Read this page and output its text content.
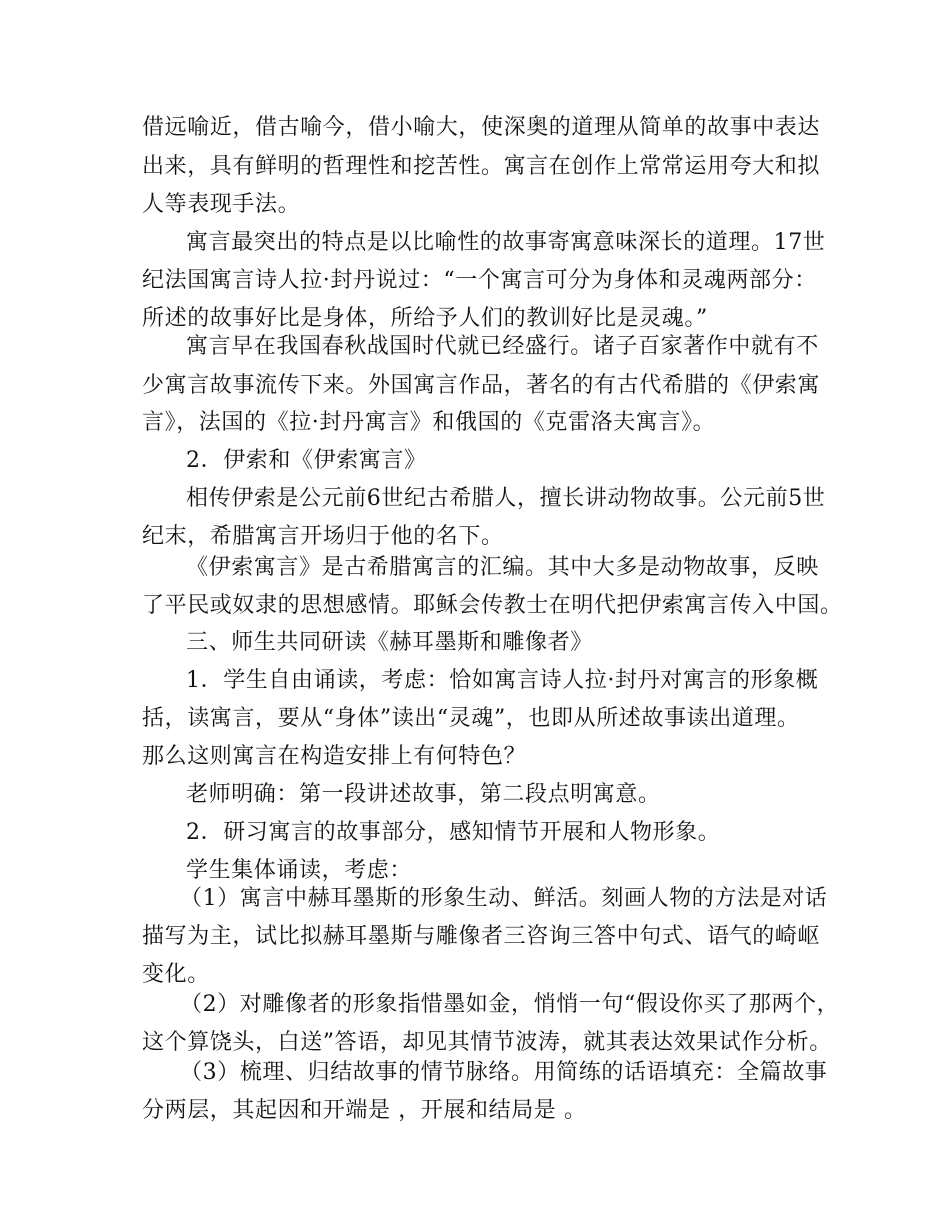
借远喻近，借古喻今，借小喻大，使深奥的道理从简单的故事中表达
出来，具有鲜明的哲理性和挖苦性。寓言在创作上常常运用夸大和拟
人等表现手法。
寓言最突出的特点是以比喻性的故事寄寓意味深长的道理。17世
纪法国寓言诗人拉·封丹说过：“一个寓言可分为身体和灵魂两部分：
所述的故事好比是身体，所给予人们的教训好比是灵魂。”
寓言早在我国春秋战国时代就已经盛行。诸子百家著作中就有不
少寓言故事流传下来。外国寓言作品，著名的有古代希腊的《伊索寓
言》，法国的《拉·封丹寓言》和俄国的《克雷洛夫寓言》。
2．伊索和《伊索寓言》
相传伊索是公元前6世纪古希腊人，擅长讲动物故事。公元前5世
纪末，希腊寓言开场归于他的名下。
《伊索寓言》是古希腊寓言的汇编。其中大多是动物故事，反映
了平民或奴隶的思想感情。耶稣会传教士在明代把伊索寓言传入中国。
三、师生共同研读《赫耳墨斯和雕像者》
1．学生自由诵读，考虑：恰如寓言诗人拉·封丹对寓言的形象概
括，读寓言，要从“身体”读出“灵魂”，也即从所述故事读出道理。
那么这则寓言在构造安排上有何特色？
老师明确：第一段讲述故事，第二段点明寓意。
2．研习寓言的故事部分，感知情节开展和人物形象。
学生集体诵读，考虑：
（1）寓言中赫耳墨斯的形象生动、鲜活。刻画人物的方法是对话
描写为主，试比拟赫耳墨斯与雕像者三咨询三答中句式、语气的崎岖
变化。
（2）对雕像者的形象指惜墨如金，悄悄一句“假设你买了那两个，
这个算饶头，白送”答语，却见其情节波涛，就其表达效果试作分析。
（3）梳理、归结故事的情节脉络。用简练的话语填充：全篇故事
分两层，其起因和开端是 ，开展和结局是 。
